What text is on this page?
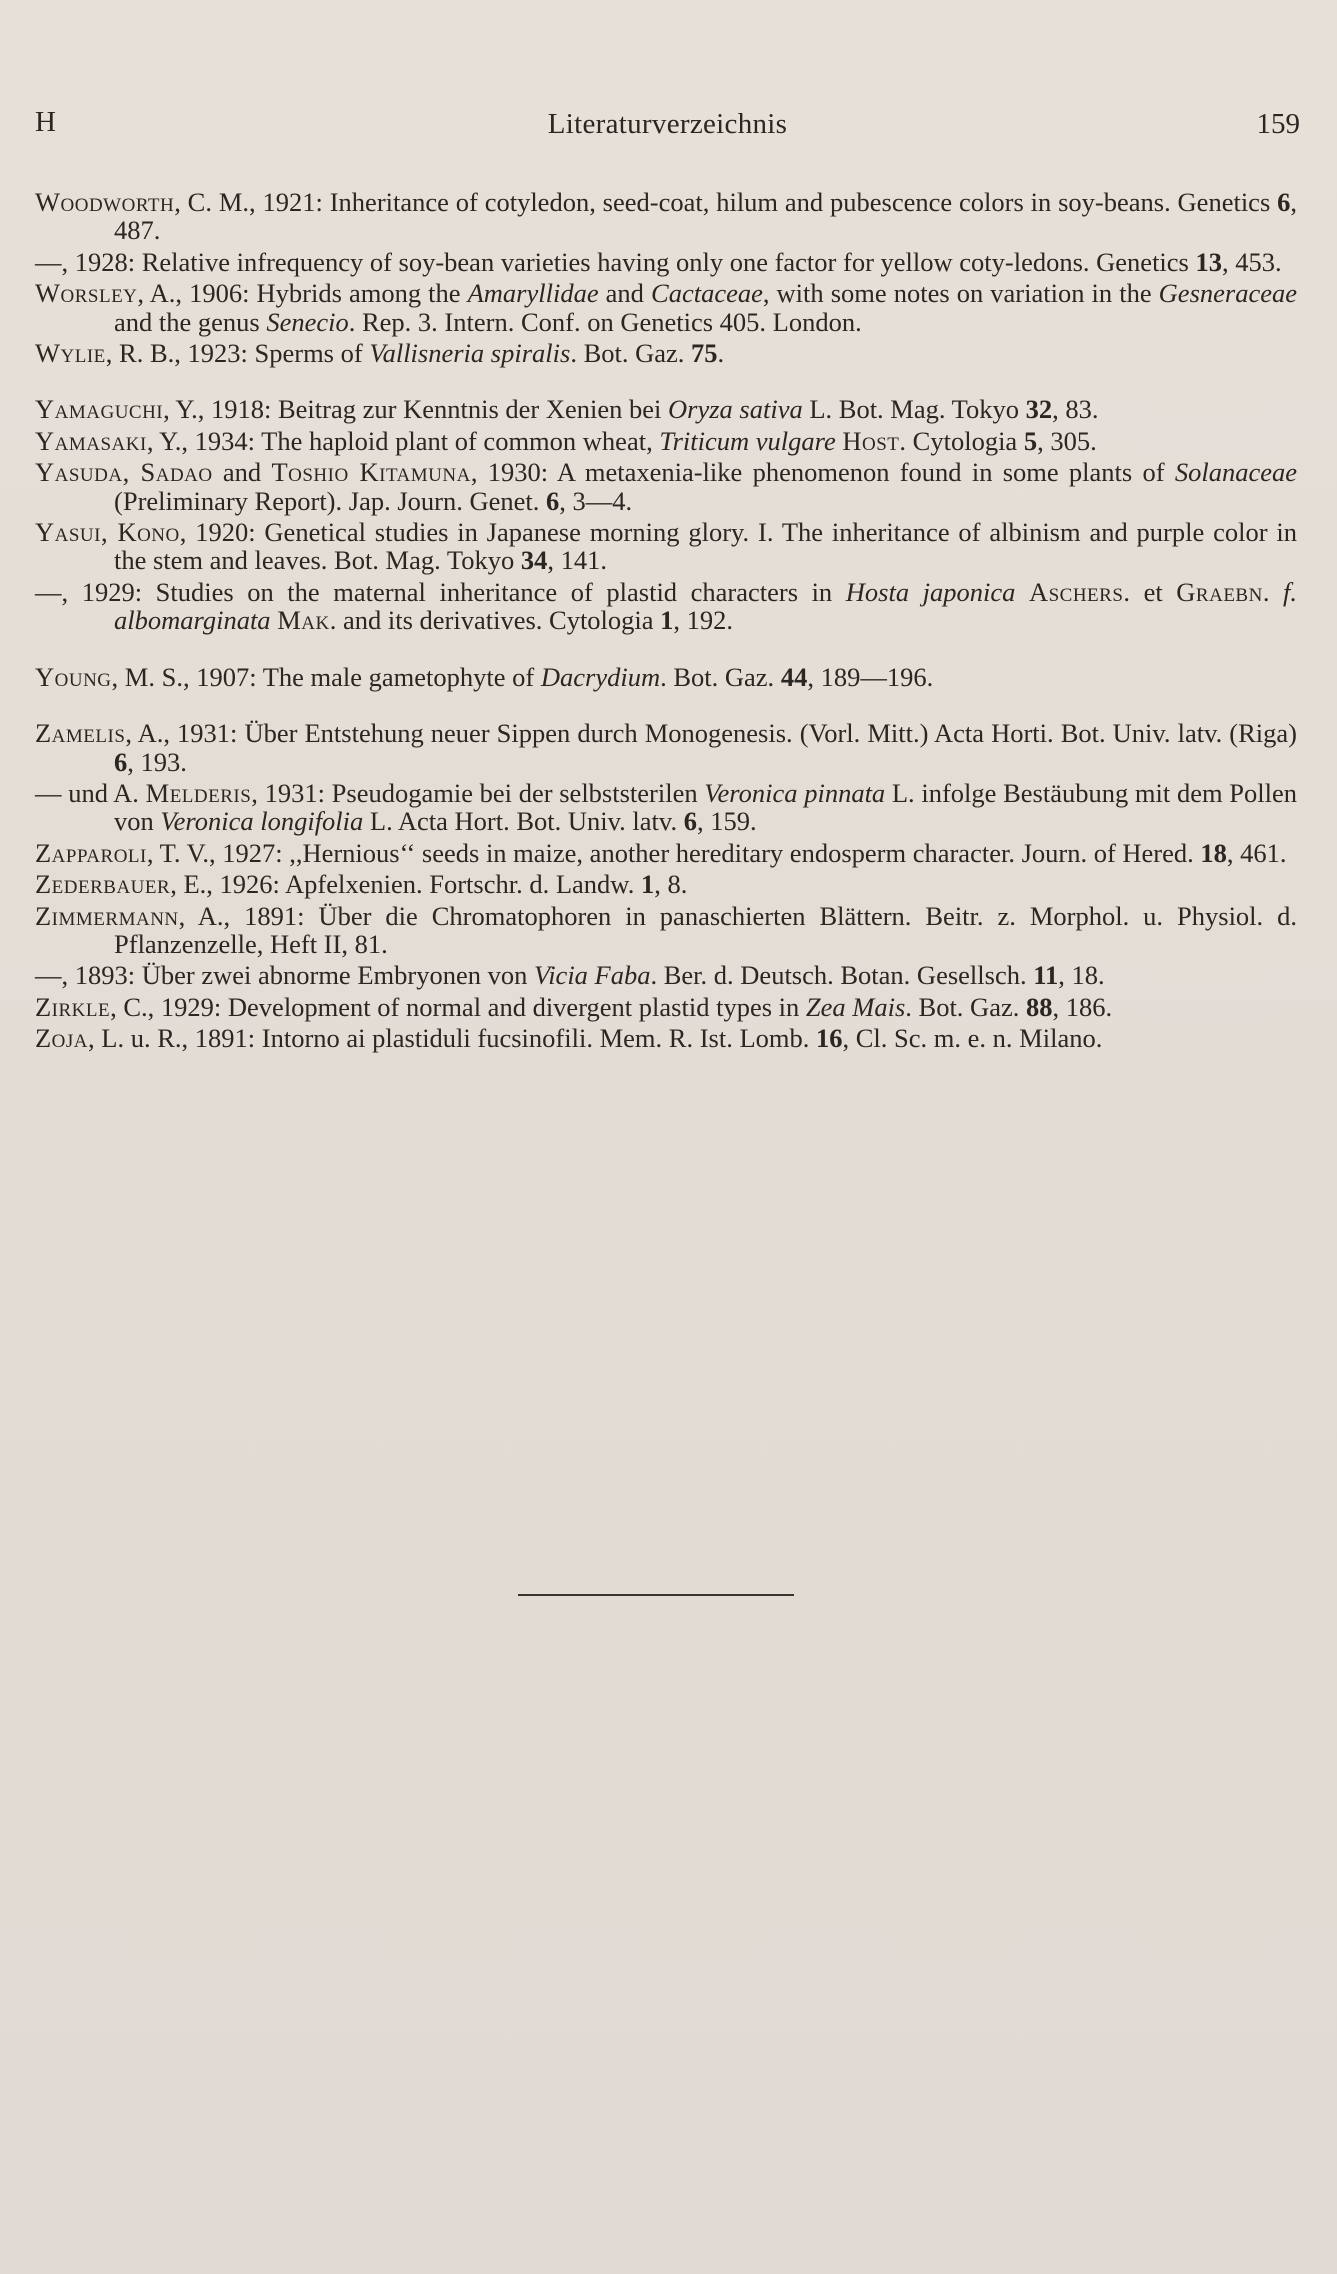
H	Literaturverzeichnis	159

Woodworth, C. M., 1921: Inheritance of cotyledon, seed-coat, hilum and pubescence colors in soy-beans. Genetics 6, 487.

—, 1928: Relative infrequency of soy-bean varieties having only one factor for yellow coty-ledons. Genetics 13, 453.

Worsley, A., 1906: Hybrids among the Amaryllidae and Cactaceae, with some notes on variation in the Gesneraceae and the genus Senecio. Rep. 3. Intern. Conf. on Genetics 405. London.

Wylie, R. B., 1923: Sperms of Vallisneria spiralis. Bot. Gaz. 75.

Yamaguchi, Y., 1918: Beitrag zur Kenntnis der Xenien bei Oryza sativa L. Bot. Mag. Tokyo 32, 83.

Yamasaki, Y., 1934: The haploid plant of common wheat, Triticum vulgare Host. Cytologia 5, 305.

Yasuda, Sadao and Toshio Kitamuna, 1930: A metaxenia-like phenomenon found in some plants of Solanaceae (Preliminary Report). Jap. Journ. Genet. 6, 3—4.

Yasui, Kono, 1920: Genetical studies in Japanese morning glory. I. The inheritance of albinism and purple color in the stem and leaves. Bot. Mag. Tokyo 34, 141.

—, 1929: Studies on the maternal inheritance of plastid characters in Hosta japonica Aschers. et Graebn. f. albomarginata Mak. and its derivatives. Cytologia 1, 192.

Young, M. S., 1907: The male gametophyte of Dacrydium. Bot. Gaz. 44, 189—196.

Zamelis, A., 1931: Über Entstehung neuer Sippen durch Monogenesis. (Vorl. Mitt.) Acta Horti. Bot. Univ. latv. (Riga) 6, 193.

— und A. Melderis, 1931: Pseudogamie bei der selbststerilen Veronica pinnata L. infolge Bestäubung mit dem Pollen von Veronica longifolia L. Acta Hort. Bot. Univ. latv. 6, 159.

Zapparoli, T. V., 1927: ,,Hernious‘‘ seeds in maize, another hereditary endosperm character. Journ. of Hered. 18, 461.

Zederbauer, E., 1926: Apfelxenien. Fortschr. d. Landw. 1, 8.

Zimmermann, A., 1891: Über die Chromatophoren in panaschierten Blättern. Beitr. z. Morphol. u. Physiol. d. Pflanzenzelle, Heft II, 81.

—, 1893: Über zwei abnorme Embryonen von Vicia Faba. Ber. d. Deutsch. Botan. Gesellsch. 11, 18.

Zirkle, C., 1929: Development of normal and divergent plastid types in Zea Mais. Bot. Gaz. 88, 186.

Zoja, L. u. R., 1891: Intorno ai plastiduli fucsinofili. Mem. R. Ist. Lomb. 16, Cl. Sc. m. e. n. Milano.
